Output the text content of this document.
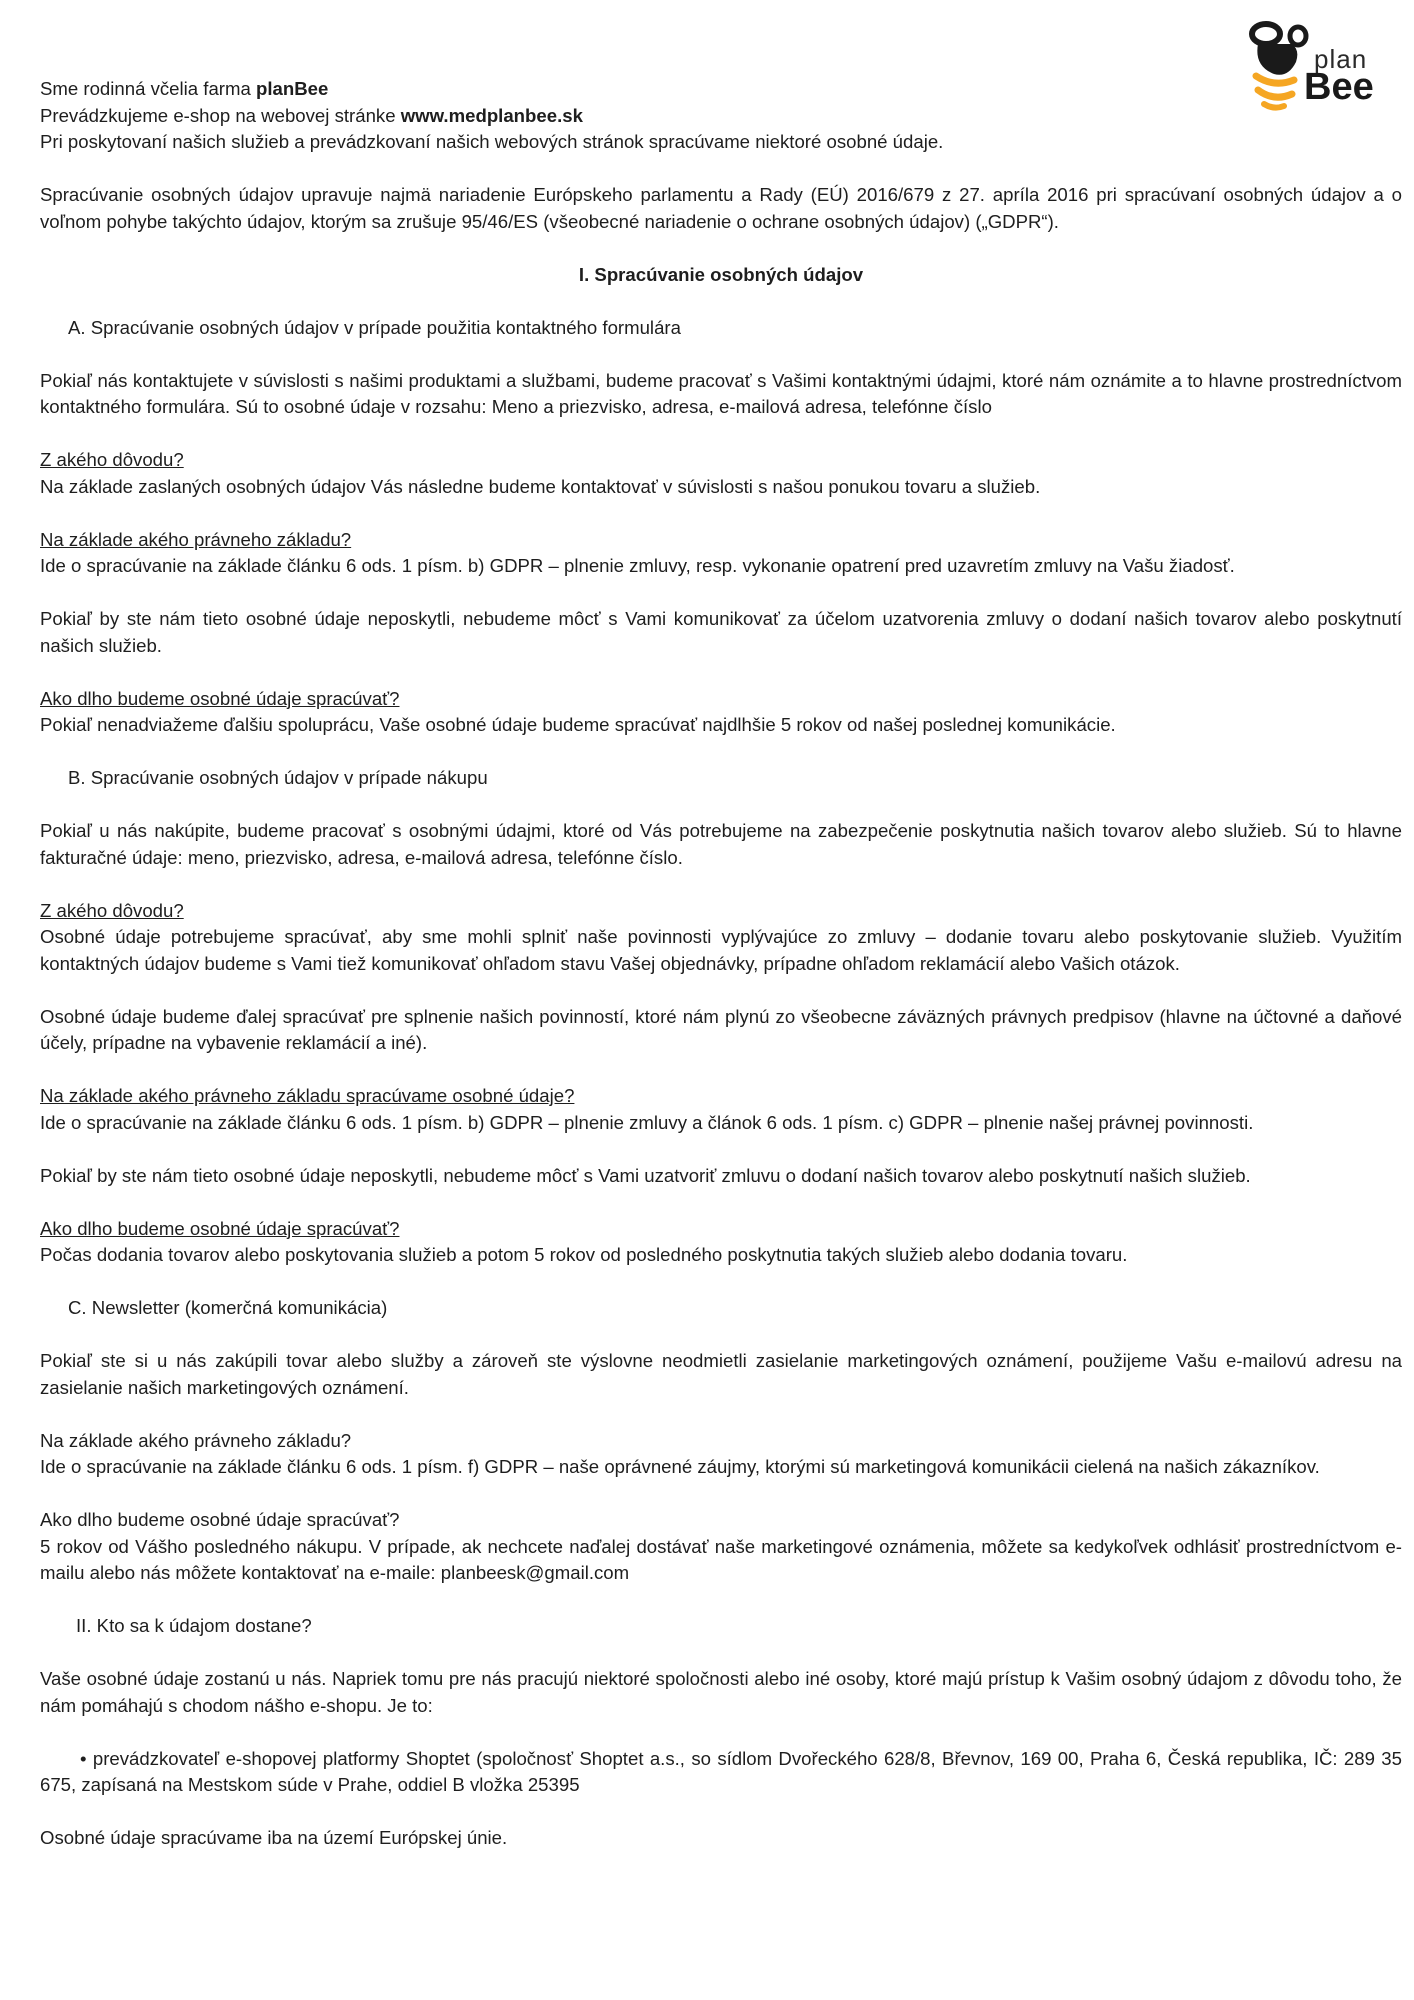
plan
Bee

Sme rodinná včelia farma planBee
Prevádzkujeme e-shop na webovej stránke www.medplanbee.sk
Pri poskytovaní našich služieb a prevádzkovaní našich webových stránok spracúvame niektoré osobné údaje.

Spracúvanie osobných údajov upravuje najmä nariadenie Európskeho parlamentu a Rady (EÚ) 2016/679 z 27. apríla 2016 pri spracúvaní osobných údajov a o voľnom pohybe takýchto údajov, ktorým sa zrušuje 95/46/ES (všeobecné nariadenie o ochrane osobných údajov) („GDPR“).

I. Spracúvanie osobných údajov
A. Spracúvanie osobných údajov v prípade použitia kontaktného formulára

Pokiaľ nás kontaktujete v súvislosti s našimi produktami a službami, budeme pracovať s Vašimi kontaktnými údajmi, ktoré nám oznámite a to hlavne prostredníctvom kontaktného formulára. Sú to osobné údaje v rozsahu: Meno a priezvisko, adresa, e-mailová adresa, telefónne číslo

Z akého dôvodu?
Na základe zaslaných osobných údajov Vás následne budeme kontaktovať v súvislosti s našou ponukou tovaru a služieb.

Na základe akého právneho základu?
Ide o spracúvanie na základe článku 6 ods. 1 písm. b) GDPR – plnenie zmluvy, resp. vykonanie opatrení pred uzavretím zmluvy na Vašu žiadosť.

Pokiaľ by ste nám tieto osobné údaje neposkytli, nebudeme môcť s Vami komunikovať za účelom uzatvorenia zmluvy o dodaní našich tovarov alebo poskytnutí našich služieb.

Ako dlho budeme osobné údaje spracúvať?
Pokiaľ nenadviažeme ďalšiu spoluprácu, Vaše osobné údaje budeme spracúvať najdlhšie 5 rokov od našej poslednej komunikácie.

B. Spracúvanie osobných údajov v prípade nákupu

Pokiaľ u nás nakúpite, budeme pracovať s osobnými údajmi, ktoré od Vás potrebujeme na zabezpečenie poskytnutia našich tovarov alebo služieb. Sú to hlavne fakturačné údaje: meno, priezvisko, adresa, e-mailová adresa, telefónne číslo.

Z akého dôvodu?
Osobné údaje potrebujeme spracúvať, aby sme mohli splniť naše povinnosti vyplývajúce zo zmluvy – dodanie tovaru alebo poskytovanie služieb. Využitím kontaktných údajov budeme s Vami tiež komunikovať ohľadom stavu Vašej objednávky, prípadne ohľadom reklamácií alebo Vašich otázok.

Osobné údaje budeme ďalej spracúvať pre splnenie našich povinností, ktoré nám plynú zo všeobecne záväzných právnych predpisov (hlavne na účtovné a daňové účely, prípadne na vybavenie reklamácií a iné).

Na základe akého právneho základu spracúvame osobné údaje?
Ide o spracúvanie na základe článku 6 ods. 1 písm. b) GDPR – plnenie zmluvy a článok 6 ods. 1 písm. c) GDPR – plnenie našej právnej povinnosti.

Pokiaľ by ste nám tieto osobné údaje neposkytli, nebudeme môcť s Vami uzatvoriť zmluvu o dodaní našich tovarov alebo poskytnutí našich služieb.

Ako dlho budeme osobné údaje spracúvať?
Počas dodania tovarov alebo poskytovania služieb a potom 5 rokov od posledného poskytnutia takých služieb alebo dodania tovaru.

C. Newsletter (komerčná komunikácia)

Pokiaľ ste si u nás zakúpili tovar alebo služby a zároveň ste výslovne neodmietli zasielanie marketingových oznámení, použijeme Vašu e-mailovú adresu na zasielanie našich marketingových oznámení.

Na základe akého právneho základu?
Ide o spracúvanie na základe článku 6 ods. 1 písm. f) GDPR – naše oprávnené záujmy, ktorými sú marketingová komunikácii cielená na našich zákazníkov.

Ako dlho budeme osobné údaje spracúvať?
5 rokov od Vášho posledného nákupu. V prípade, ak nechcete naďalej dostávať naše marketingové oznámenia, môžete sa kedykoľvek odhlásiť prostredníctvom e-mailu alebo nás môžete kontaktovať na e-maile: planbeesk@gmail.com

II. Kto sa k údajom dostane?

Vaše osobné údaje zostanú u nás. Napriek tomu pre nás pracujú niektoré spoločnosti alebo iné osoby, ktoré majú prístup k Vašim osobný údajom z dôvodu toho, že nám pomáhajú s chodom nášho e-shopu. Je to:

• prevádzkovateľ e-shopovej platformy Shoptet (spoločnosť Shoptet a.s., so sídlom Dvořeckého 628/8, Břevnov, 169 00, Praha 6, Česká republika, IČ: 289 35 675, zapísaná na Mestskom súde v Prahe, oddiel B vložka 25395

Osobné údaje spracúvame iba na území Európskej únie.
